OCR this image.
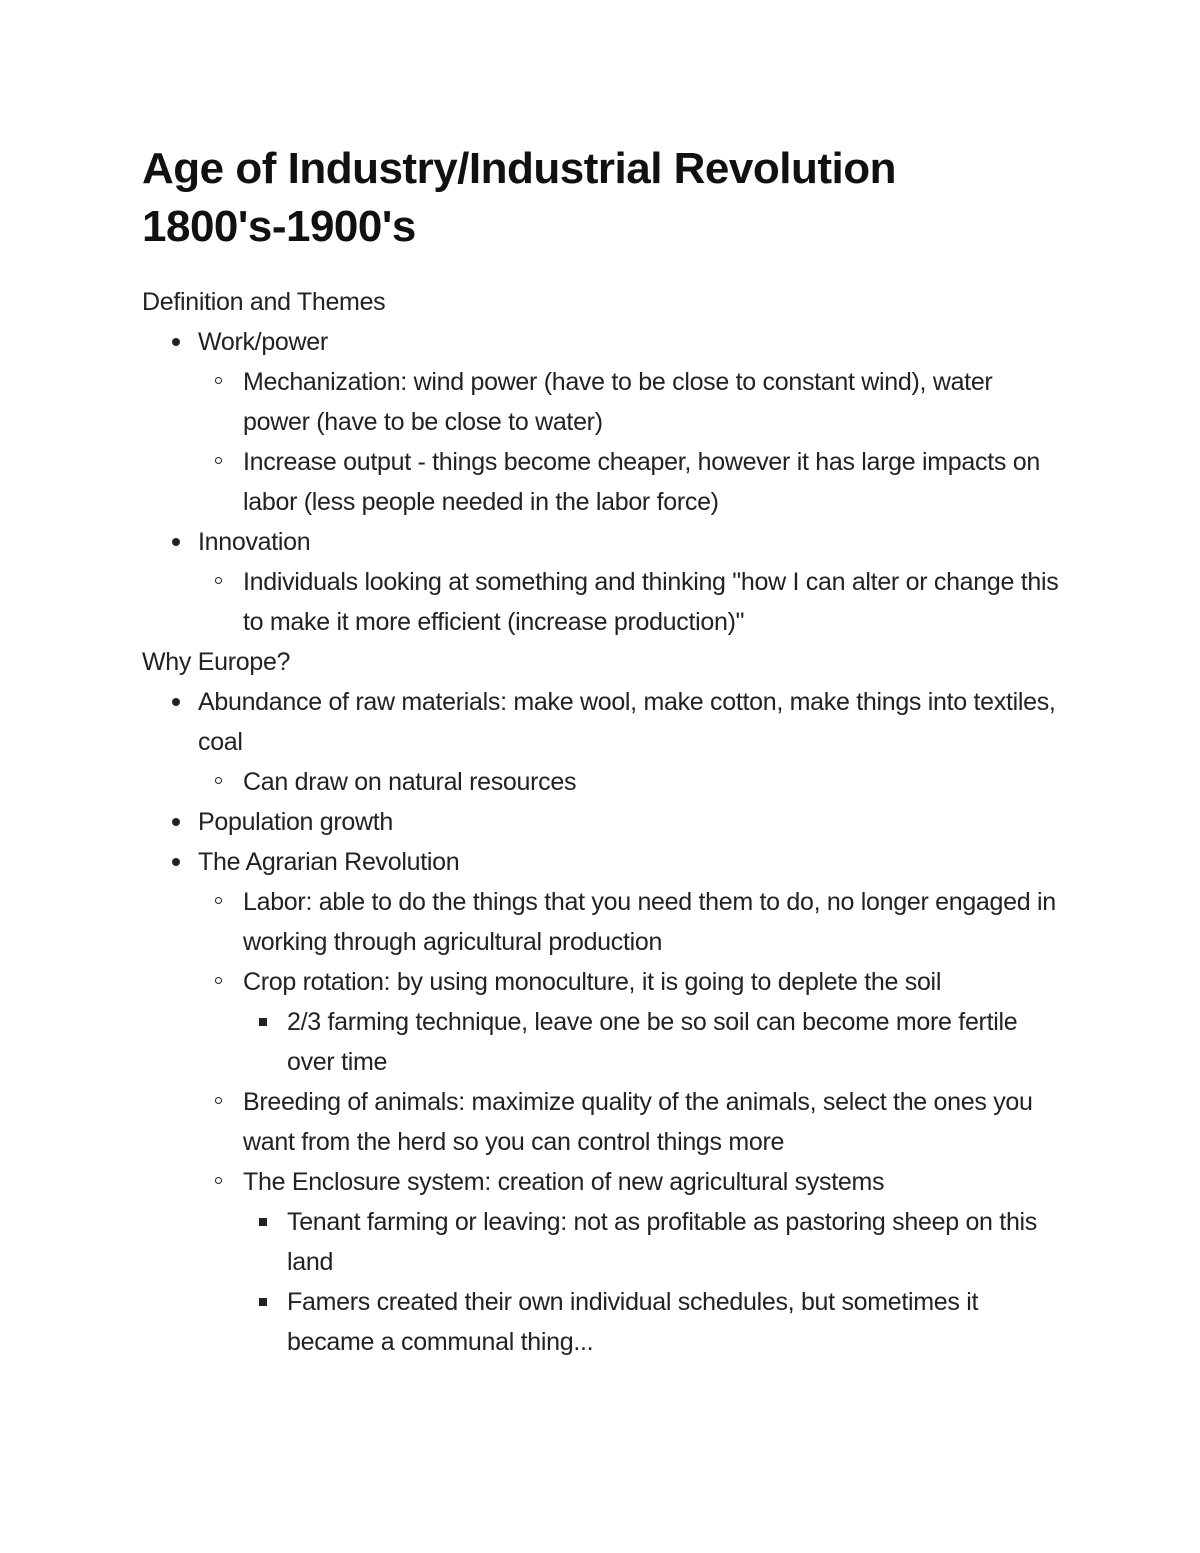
Age of Industry/Industrial Revolution
1800's-1900's
Definition and Themes
Work/power
Mechanization: wind power (have to be close to constant wind), water power (have to be close to water)
Increase output - things become cheaper, however it has large impacts on labor (less people needed in the labor force)
Innovation
Individuals looking at something and thinking "how I can alter or change this to make it more efficient (increase production)"
Why Europe?
Abundance of raw materials: make wool, make cotton, make things into textiles, coal
Can draw on natural resources
Population growth
The Agrarian Revolution
Labor: able to do the things that you need them to do, no longer engaged in working through agricultural production
Crop rotation: by using monoculture, it is going to deplete the soil
2/3 farming technique, leave one be so soil can become more fertile over time
Breeding of animals: maximize quality of the animals, select the ones you want from the herd so you can control things more
The Enclosure system: creation of new agricultural systems
Tenant farming or leaving: not as profitable as pastoring sheep on this land
Famers created their own individual schedules, but sometimes it became a communal thing...
